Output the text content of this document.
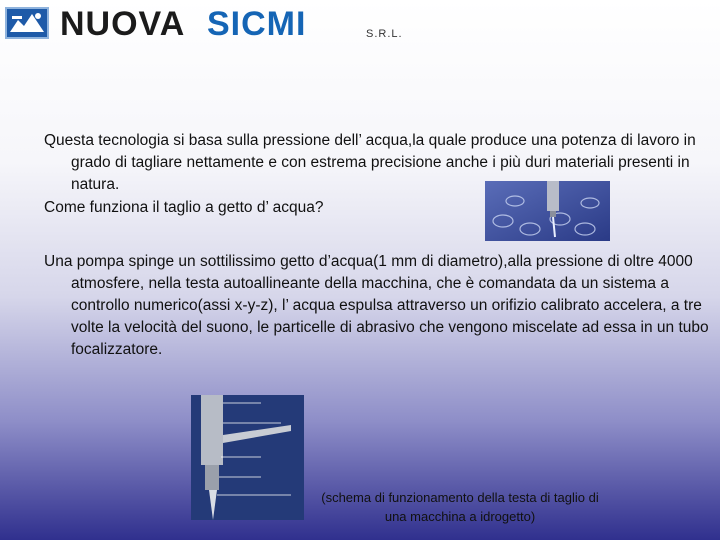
NUOVA SICMI	S.R.L.

Questa tecnologia si basa sulla pressione dell’ acqua,la quale produce una potenza di lavoro in grado di tagliare nettamente e con estrema precisione anche i più duri materiali presenti in natura.

Come funziona il taglio a getto d’ acqua?

Una pompa spinge un sottilissimo getto d’acqua(1 mm di diametro),alla pressione di oltre 4000 atmosfere, nella testa autoallineante della macchina, che è comandata da un sistema a controllo numerico(assi x-y-z), l’ acqua espulsa attraverso un orifizio calibrato accelera, a tre volte la velocità del suono, le particelle di abrasivo che vengono miscelate ad essa in un tubo focalizzatore.

(schema di funzionamento della testa di taglio di una macchina a idrogetto)
